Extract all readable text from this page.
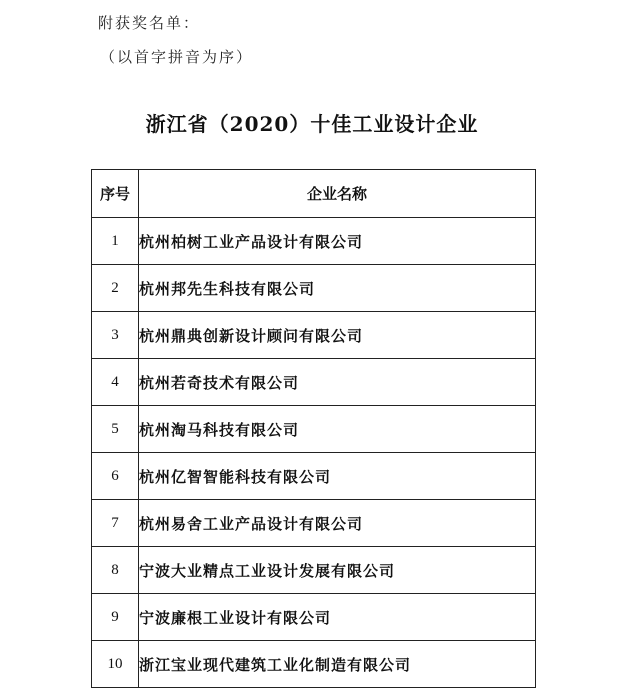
附获奖名单：
（以首字拼音为序）
浙江省（2020）十佳工业设计企业
序号	企业名称
1	杭州柏树工业产品设计有限公司
2	杭州邦先生科技有限公司
3	杭州鼎典创新设计顾问有限公司
4	杭州若奇技术有限公司
5	杭州淘马科技有限公司
6	杭州亿智智能科技有限公司
7	杭州易舍工业产品设计有限公司
8	宁波大业精点工业设计发展有限公司
9	宁波廉根工业设计有限公司
10	浙江宝业现代建筑工业化制造有限公司
